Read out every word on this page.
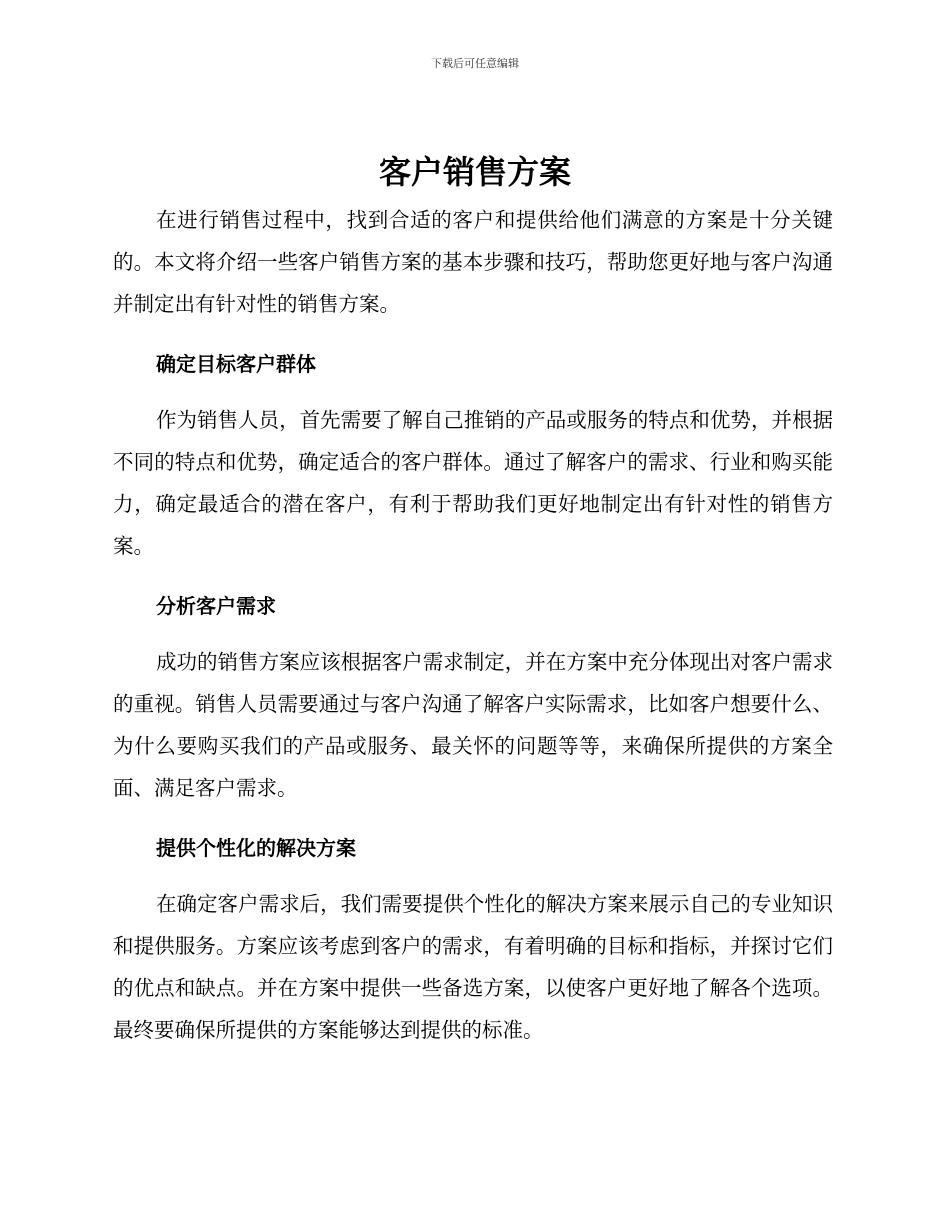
下载后可任意编辑
客户销售方案

在进行销售过程中，找到合适的客户和提供给他们满意的方案是十分关键的。本文将介绍一些客户销售方案的基本步骤和技巧，帮助您更好地与客户沟通并制定出有针对性的销售方案。

确定目标客户群体

作为销售人员，首先需要了解自己推销的产品或服务的特点和优势，并根据不同的特点和优势，确定适合的客户群体。通过了解客户的需求、行业和购买能力，确定最适合的潜在客户，有利于帮助我们更好地制定出有针对性的销售方案。

分析客户需求

成功的销售方案应该根据客户需求制定，并在方案中充分体现出对客户需求的重视。销售人员需要通过与客户沟通了解客户实际需求，比如客户想要什么、为什么要购买我们的产品或服务、最关怀的问题等等，来确保所提供的方案全面、满足客户需求。

提供个性化的解决方案

在确定客户需求后，我们需要提供个性化的解决方案来展示自己的专业知识和提供服务。方案应该考虑到客户的需求，有着明确的目标和指标，并探讨它们的优点和缺点。并在方案中提供一些备选方案，以使客户更好地了解各个选项。最终要确保所提供的方案能够达到提供的标准。
